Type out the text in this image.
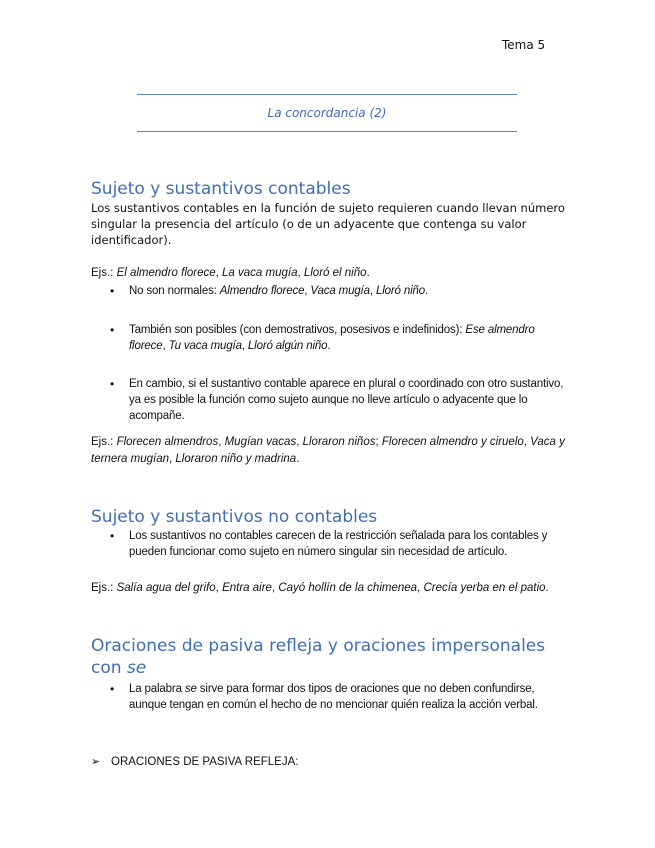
Tema 5
La concordancia (2)
Sujeto y sustantivos contables

Los sustantivos contables en la función de sujeto requieren cuando llevan número singular la presencia del artículo (o de un adyacente que contenga su valor identificador).

Ejs.: El almendro florece, La vaca mugía, Lloró el niño.

• No son normales: Almendro florece, Vaca mugía, Lloró niño.
• También son posibles (con demostrativos, posesivos e indefinidos): Ese almendro florece, Tu vaca mugía, Lloró algún niño.
• En cambio, si el sustantivo contable aparece en plural o coordinado con otro sustantivo, ya es posible la función como sujeto aunque no lleve artículo o adyacente que lo acompañe.

Ejs.: Florecen almendros, Mugían vacas, Lloraron niños; Florecen almendro y ciruelo, Vaca y ternera mugían, Lloraron niño y madrina.

Sujeto y sustantivos no contables
• Los sustantivos no contables carecen de la restricción señalada para los contables y pueden funcionar como sujeto en número singular sin necesidad de artículo.

Ejs.: Salía agua del grifo, Entra aire, Cayó hollín de la chimenea, Crecía yerba en el patio.

Oraciones de pasiva refleja y oraciones impersonales con se
• La palabra se sirve para formar dos tipos de oraciones que no deben confundirse, aunque tengan en común el hecho de no mencionar quién realiza la acción verbal.
➢ ORACIONES DE PASIVA REFLEJA:
